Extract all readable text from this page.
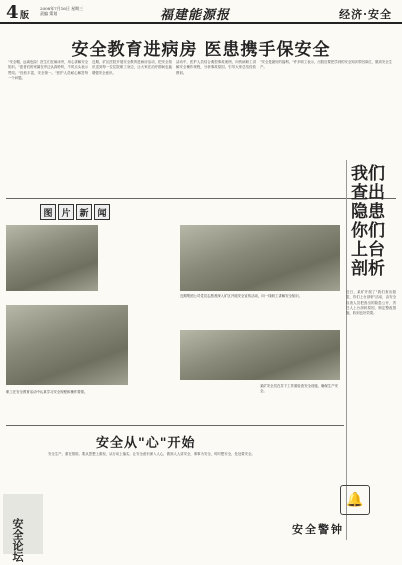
4 版
2008年7月16日 星期三
责编 策划	福建能源报	经济·安全
安全教育进病房 医患携手保安全
"安全帽，远离危险！医生们在病床旁，用心讲解安全知识。"患者们的家属在旁边认真聆听，不时点头表示赞同。"经验丰富，安全第一。"医护人员耐心解答每一个问题。
近期，矿区医院开展安全教育进病房活动，把安全知识送到每一位住院职工身边，让大家在治疗期间也能增强安全意识。
活动中，医护人员结合典型事故案例，向伤病职工讲解安全操作规程，分析事故原因，引导大家总结经验教训。
"安全是最好的福利。"许多职工表示，出院后要把学到的安全知识带回岗位，做到安全生产。
图 片 新 闻
近期集团公司党员志愿者深入矿区开展安全宣传活动，向一线职工讲解安全知识。
职工在安全教育活动中认真学习安全规程和操作要领。
某矿安全员在井下工作面检查安全设施，确保生产安全。
我们查出隐患 你们上台剖析
近日，某矿开展了"我们查出隐患，你们上台剖析"活动，由安全检查人员把查出的隐患公开，责任人上台剖析原因，制定整改措施，收到良好效果。
安全从"心"开始
安全生产，重在预防。要从思想上重视，从行动上落实，让安全意识深入人心，做到人人讲安全，事事为安全，时时想安全，处处要安全。
安全论坛
🔔
安全警钟
